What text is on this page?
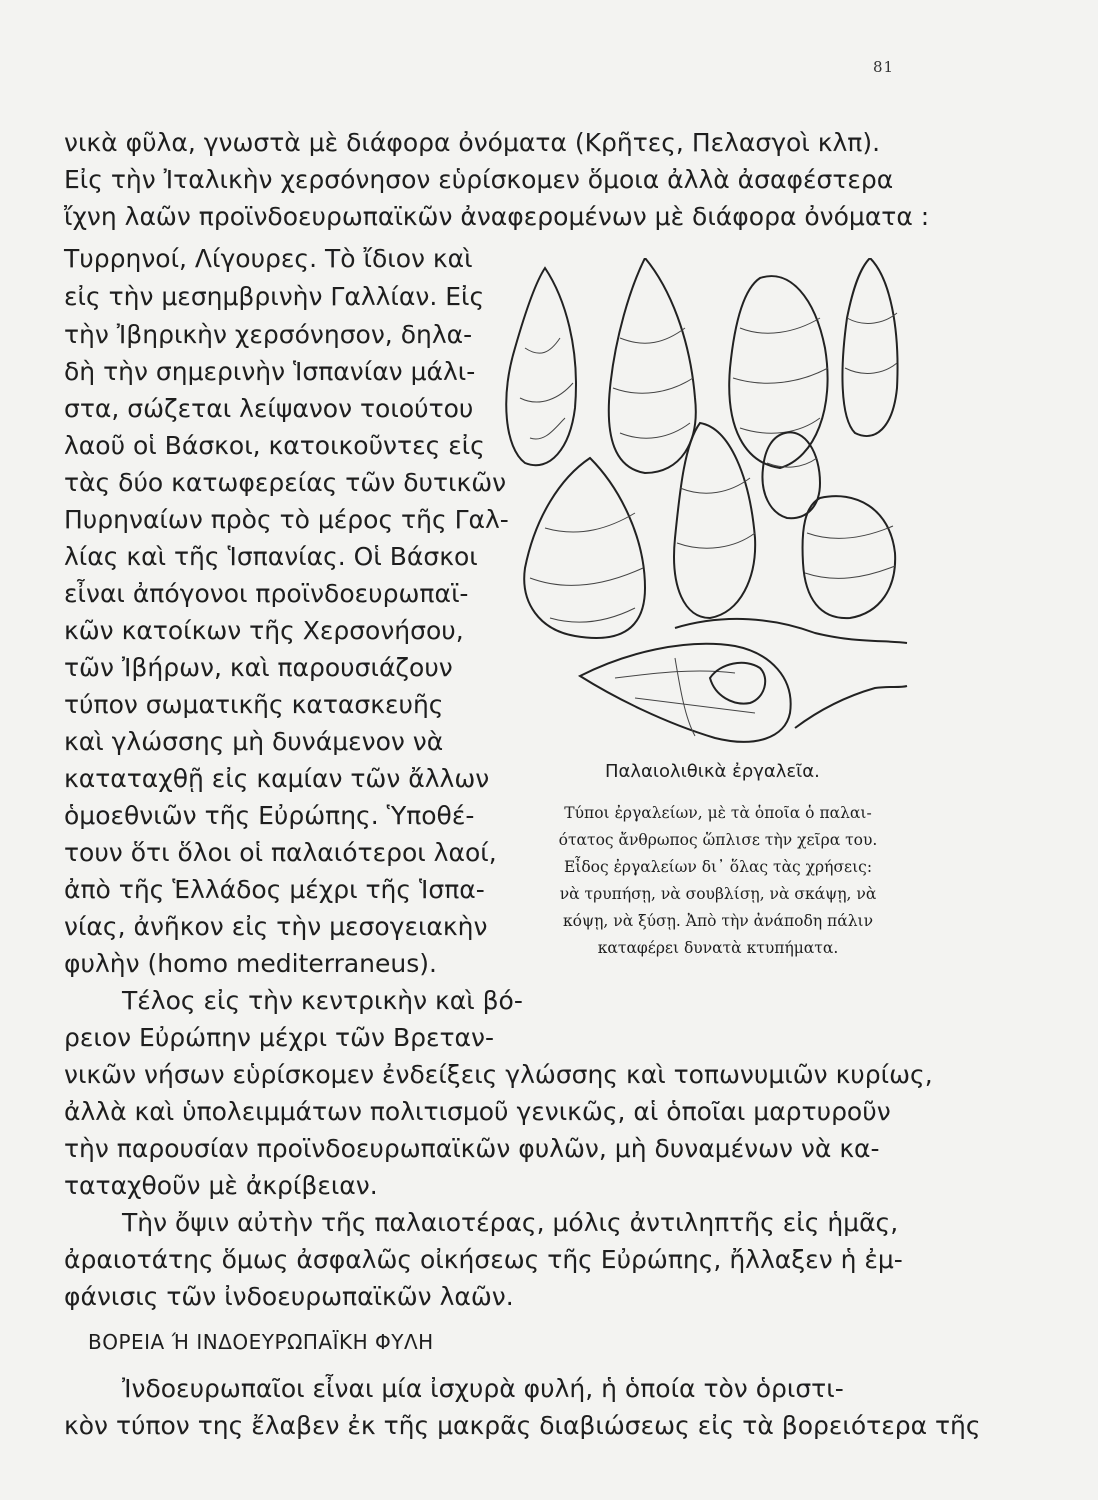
81
νικὰ φῦλα, γνωστὰ μὲ διάφορα ὀνόματα (Κρῆτες, Πελασγοὶ κλπ).
Εἰς τὴν Ἰταλικὴν χερσόνησον εὑρίσκομεν ὅμοια ἀλλὰ ἀσαφέστερα
ἴχνη λαῶν προϊνδοευρωπαϊκῶν ἀναφερομένων μὲ διάφορα ὀνόματα :
Τυρρηνοί, Λίγουρες. Τὸ ἴδιον καὶ
εἰς τὴν μεσημβρινὴν Γαλλίαν. Εἰς
τὴν Ἰβηρικὴν χερσόνησον, δηλα-
δὴ τὴν σημερινὴν Ἱσπανίαν μάλι-
στα, σώζεται λείψανον τοιούτου
λαοῦ οἱ Βάσκοι, κατοικοῦντες εἰς
τὰς δύο κατωφερείας τῶν δυτικῶν
Πυρηναίων πρὸς τὸ μέρος τῆς Γαλ-
λίας καὶ τῆς Ἱσπανίας. Οἱ Βάσκοι
εἶναι ἀπόγονοι προϊνδοευρωπαϊ-
κῶν κατοίκων τῆς Χερσονήσου,
τῶν Ἰβήρων, καὶ παρουσιάζουν
τύπον σωματικῆς κατασκευῆς
καὶ γλώσσης μὴ δυνάμενον νὰ
καταταχθῇ εἰς καμίαν τῶν ἄλλων
ὁμοεθνιῶν τῆς Εὐρώπης. Ὑποθέ-
τουν ὅτι ὅλοι οἱ παλαιότεροι λαοί,
ἀπὸ τῆς Ἑλλάδος μέχρι τῆς Ἱσπα-
νίας, ἀνῆκον εἰς τὴν μεσογειακὴν
φυλὴν (homo mediterraneus).
Τέλος εἰς τὴν κεντρικὴν καὶ βό-
ρειον Εὐρώπην μέχρι τῶν Βρεταν-
Παλαιολιθικὰ ἐργαλεῖα.
Τύποι ἐργαλείων, μὲ τὰ ὁποῖα ὁ παλαι-
ότατος ἄνθρωπος ὥπλισε τὴν χεῖρα του.
Εἶδος ἐργαλείων δι᾽ ὅλας τὰς χρήσεις:
νὰ τρυπήσῃ, νὰ σουβλίσῃ, νὰ σκάψῃ, νὰ
κόψῃ, νὰ ξύσῃ. Ἀπὸ τὴν ἀνάποδη πάλιν
καταφέρει δυνατὰ κτυπήματα.
νικῶν νήσων εὑρίσκομεν ἐνδείξεις γλώσσης καὶ τοπωνυμιῶν κυρίως,
ἀλλὰ καὶ ὑπολειμμάτων πολιτισμοῦ γενικῶς, αἱ ὁποῖαι μαρτυροῦν
τὴν παρουσίαν προϊνδοευρωπαϊκῶν φυλῶν, μὴ δυναμένων νὰ κα-
ταταχθοῦν μὲ ἀκρίβειαν.
Τὴν ὄψιν αὐτὴν τῆς παλαιοτέρας, μόλις ἀντιληπτῆς εἰς ἡμᾶς,
ἀραιοτάτης ὅμως ἀσφαλῶς οἰκήσεως τῆς Εὐρώπης, ἤλλαξεν ἡ ἐμ-
φάνισις τῶν ἰνδοευρωπαϊκῶν λαῶν.
ΒΟΡΕΙΑ Ή ΙΝΔΟΕΥΡΩΠΑΪΚΗ ΦΥΛΗ
Ἰνδοευρωπαῖοι εἶναι μία ἰσχυρὰ φυλή, ἡ ὁποία τὸν ὁριστι-
κὸν τύπον της ἔλαβεν ἐκ τῆς μακρᾶς διαβιώσεως εἰς τὰ βορειότερα τῆς
